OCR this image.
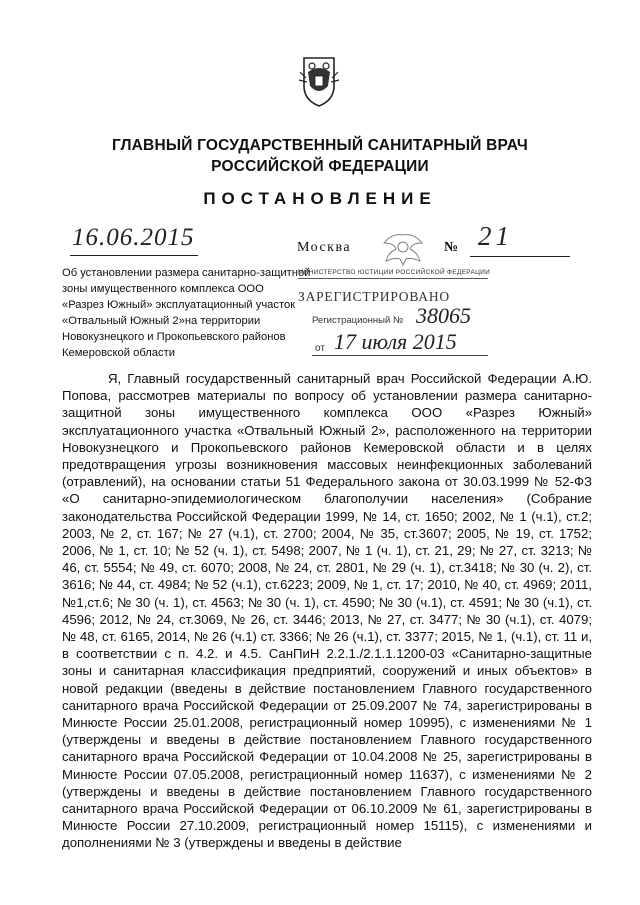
ГЛАВНЫЙ ГОСУДАРСТВЕННЫЙ САНИТАРНЫЙ ВРАЧ
РОССИЙСКОЙ ФЕДЕРАЦИИ
ПОСТАНОВЛЕНИЕ
16.06.2015	Москва	№ 21
Об установлении размера санитарно-защитной
зоны имущественного комплекса ООО
«Разрез Южный» эксплуатационный участок
«Отвальный Южный 2»на территории
Новокузнецкого и Прокопьевского районов
Кемеровской области
МИНИСТЕРСТВО ЮСТИЦИИ РОССИЙСКОЙ ФЕДЕРАЦИИ
ЗАРЕГИСТРИРОВАНО
Регистрационный № 38065
от 17 июля 2015

Я, Главный государственный санитарный врач Российской Федерации А.Ю. Попова, рассмотрев материалы по вопросу об установлении размера санитарно-защитной зоны имущественного комплекса ООО «Разрез Южный» эксплуатационного участка «Отвальный Южный 2», расположенного на территории Новокузнецкого и Прокопьевского районов Кемеровской области и в целях предотвращения угрозы возникновения массовых неинфекционных заболеваний (отравлений), на основании статьи 51 Федерального закона от 30.03.1999 № 52-ФЗ «О санитарно-эпидемиологическом благополучии населения» (Собрание законодательства Российской Федерации 1999, № 14, ст. 1650; 2002, № 1 (ч.1), ст.2; 2003, № 2, ст. 167; № 27 (ч.1), ст. 2700; 2004, № 35, ст.3607; 2005, № 19, ст. 1752; 2006, № 1, ст. 10; № 52 (ч. 1), ст. 5498; 2007, № 1 (ч. 1), ст. 21, 29; № 27, ст. 3213; № 46, ст. 5554; № 49, ст. 6070; 2008, № 24, ст. 2801, № 29 (ч. 1), ст.3418; № 30 (ч. 2), ст. 3616; № 44, ст. 4984; № 52 (ч.1), ст.6223; 2009, № 1, ст. 17; 2010, № 40, ст. 4969; 2011, №1,ст.6; № 30 (ч. 1), ст. 4563; № 30 (ч. 1), ст. 4590; № 30 (ч.1), ст. 4591; № 30 (ч.1), ст. 4596; 2012, № 24, ст.3069, № 26, ст. 3446; 2013, № 27, ст. 3477; № 30 (ч.1), ст. 4079; № 48, ст. 6165, 2014, № 26 (ч.1) ст. 3366; № 26 (ч.1), ст. 3377; 2015, № 1, (ч.1), ст. 11 и, в соответствии с п. 4.2. и 4.5. СанПиН 2.2.1./2.1.1.1200-03 «Санитарно-защитные зоны и санитарная классификация предприятий, сооружений и иных объектов» в новой редакции (введены в действие постановлением Главного государственного санитарного врача Российской Федерации от 25.09.2007 № 74, зарегистрированы в Минюсте России 25.01.2008, регистрационный номер 10995), с изменениями № 1 (утверждены и введены в действие постановлением Главного государственного санитарного врача Российской Федерации от 10.04.2008 № 25, зарегистрированы в Минюсте России 07.05.2008, регистрационный номер 11637), с изменениями № 2 (утверждены и введены в действие постановлением Главного государственного санитарного врача Российской Федерации от 06.10.2009 № 61, зарегистрированы в Минюсте России 27.10.2009, регистрационный номер 15115), с изменениями и дополнениями № 3 (утверждены и введены в действие
